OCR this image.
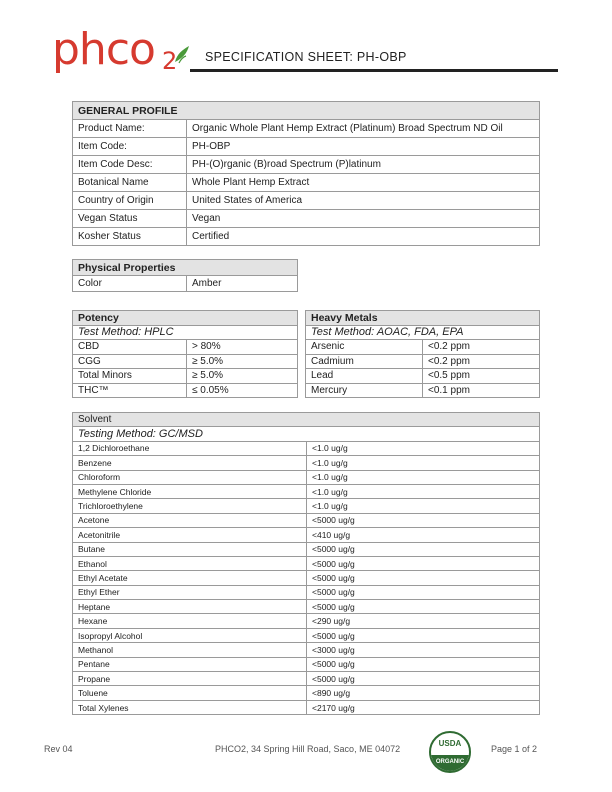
phco 2 SPECIFICATION SHEET: PH-OBP
GENERAL PROFILE	
Product Name:	Organic Whole Plant Hemp Extract (Platinum) Broad Spectrum ND Oil
Item Code:	PH-OBP
Item Code Desc:	PH-(O)rganic (B)road Spectrum (P)latinum
Botanical Name	Whole Plant Hemp Extract
Country of Origin	United States of America
Vegan Status	Vegan
Kosher Status	Certified
Physical Properties
Color	Amber
Potency	
Test Method: HPLC	
CBD	> 80%
CGG	≥ 5.0%
Total Minors	≥ 5.0%
THC™	≤ 0.05%
Heavy Metals	
Test Method: AOAC, FDA, EPA	
Arsenic	<0.2 ppm
Cadmium	<0.2 ppm
Lead	<0.5 ppm
Mercury	<0.1 ppm
Solvent	
Testing Method: GC/MSD	
1,2 Dichloroethane	<1.0 ug/g
Benzene	<1.0 ug/g
Chloroform	<1.0 ug/g
Methylene Chloride	<1.0 ug/g
Trichloroethylene	<1.0 ug/g
Acetone	<5000 ug/g
Acetonitrile	<410 ug/g
Butane	<5000 ug/g
Ethanol	<5000 ug/g
Ethyl Acetate	<5000 ug/g
Ethyl Ether	<5000 ug/g
Heptane	<5000 ug/g
Hexane	<290 ug/g
Isopropyl Alcohol	<5000 ug/g
Methanol	<3000 ug/g
Pentane	<5000 ug/g
Propane	<5000 ug/g
Toluene	<890 ug/g
Total Xylenes	<2170 ug/g
Rev 04	PHCO2, 34 Spring Hill Road, Saco, ME 04072
USDA
ORGANIC
Page 1 of 2
